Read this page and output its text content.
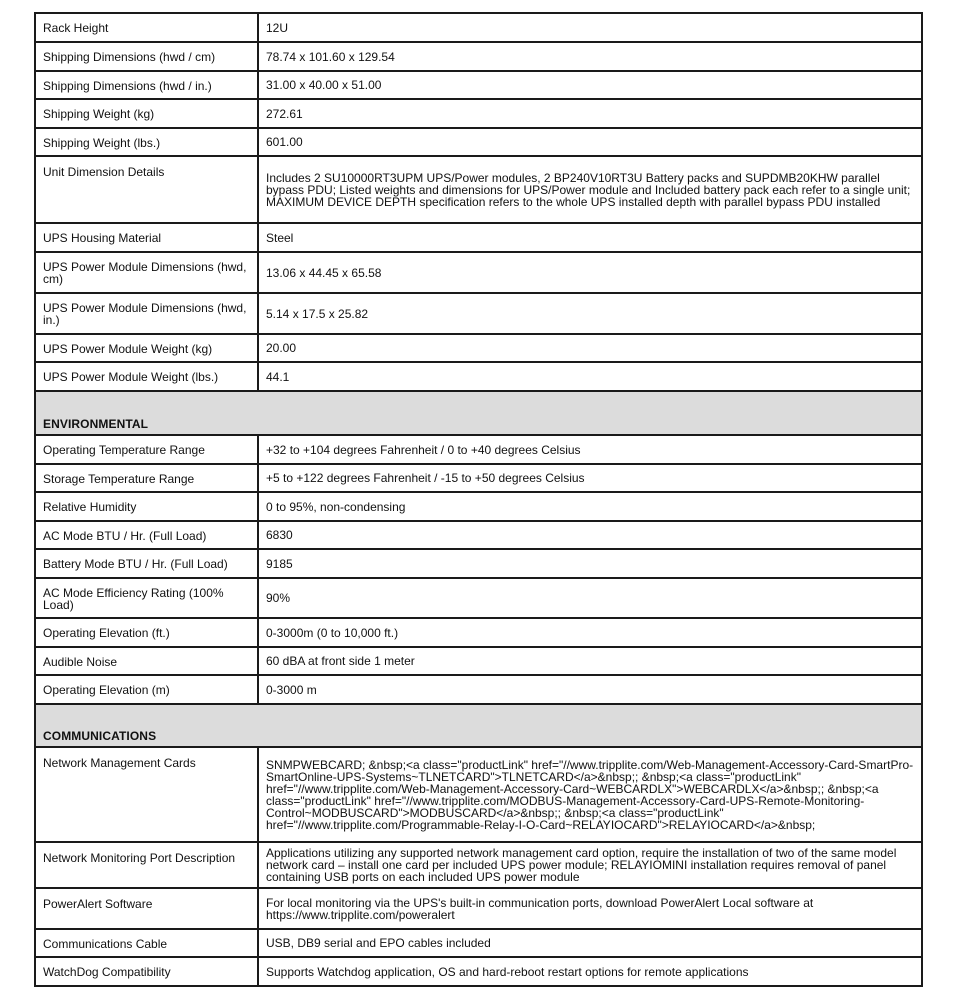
Rack Height	12U
Shipping Dimensions (hwd / cm)	78.74 x 101.60 x 129.54
Shipping Dimensions (hwd / in.)	31.00 x 40.00 x 51.00
Shipping Weight (kg)	272.61
Shipping Weight (lbs.)	601.00
Unit Dimension Details	Includes 2 SU10000RT3UPM UPS/Power modules, 2 BP240V10RT3U Battery packs and SUPDMB20KHW parallel bypass PDU; Listed weights and dimensions for UPS/Power module and Included battery pack each refer to a single unit; MAXIMUM DEVICE DEPTH specification refers to the whole UPS installed depth with parallel bypass PDU installed

UPS Housing Material	Steel

UPS Power Module Dimensions (hwd, cm)	13.06 x 44.45 x 65.58

UPS Power Module Dimensions (hwd, in.)	5.14 x 17.5 x 25.82
UPS Power Module Weight (kg)	20.00
UPS Power Module Weight (lbs.)	44.1
ENVIRONMENTAL	
Operating Temperature Range	+32 to +104 degrees Fahrenheit / 0 to +40 degrees Celsius
Storage Temperature Range	+5 to +122 degrees Fahrenheit / -15 to +50 degrees Celsius
Relative Humidity	0 to 95%, non-condensing
AC Mode BTU / Hr. (Full Load)	6830
Battery Mode BTU / Hr. (Full Load)	9185

AC Mode Efficiency Rating (100% Load)	90%
Operating Elevation (ft.)	0-3000m (0 to 10,000 ft.)
Audible Noise	60 dBA at front side 1 meter
Operating Elevation (m)	0-3000 m
COMMUNICATIONS	
Network Management Cards	SNMPWEBCARD; &nbsp;<a class="productLink" href="//www.tripplite.com/Web-Management-Accessory-Card-SmartPro-SmartOnline-UPS-Systems~TLNETCARD">TLNETCARD</a>&nbsp;; &nbsp;<a class="productLink" href="//www.tripplite.com/Web-Management-Accessory-Card~WEBCARDLX">WEBCARDLX</a>&nbsp;; &nbsp;<a class="productLink" href="//www.tripplite.com/MODBUS-Management-Accessory-Card-UPS-Remote-Monitoring-Control~MODBUSCARD">MODBUSCARD</a>&nbsp;; &nbsp;<a class="productLink" href="//www.tripplite.com/Programmable-Relay-I-O-Card~RELAYIOCARD">RELAYIOCARD</a>&nbsp;

Network Monitoring Port Description	Applications utilizing any supported network management card option, require the installation of two of the same model network card – install one card per included UPS power module; RELAYIOMINI installation requires removal of panel containing USB ports on each included UPS power module

PowerAlert Software	For local monitoring via the UPS's built-in communication ports, download PowerAlert Local software at https://www.tripplite.com/poweralert

Communications Cable	USB, DB9 serial and EPO cables included
WatchDog Compatibility	Supports Watchdog application, OS and hard-reboot restart options for remote applications
